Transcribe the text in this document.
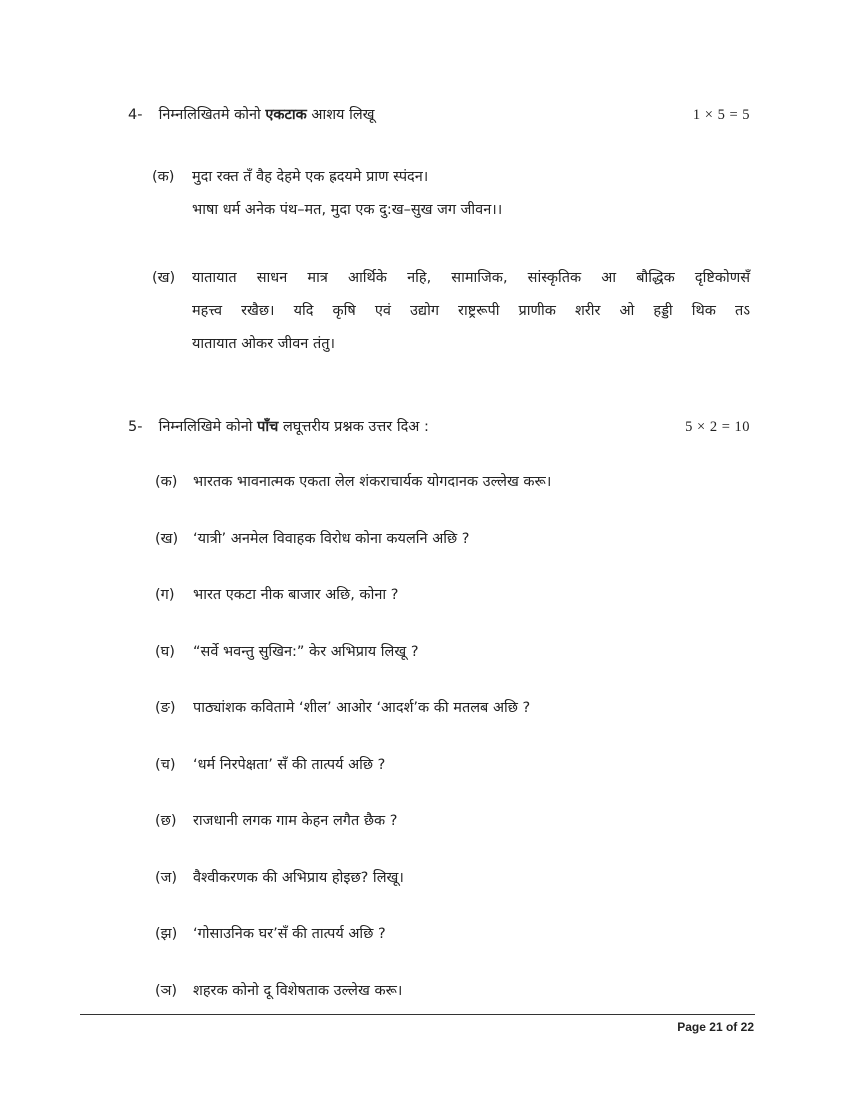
4- निम्नलिखितमे कोनो एकटाक आशय लिखू	1 × 5 = 5
(क) मुदा रक्त तँ वैह देहमे एक ह्रदयमे प्राण स्पंदन।
भाषा धर्म अनेक पंथ–मत, मुदा एक दु:ख–सुख जग जीवन।।
(ख) यातायात साधन मात्र आर्थिके नहि, सामाजिक, सांस्कृतिक आ बौद्धिक दृष्टिकोणसँ
महत्त्व रखैछ। यदि कृषि एवं उद्योग राष्ट्ररूपी प्राणीक शरीर ओ हड्डी थिक तऽ
यातायात ओकर जीवन तंतु।
5- निम्नलिखिमे कोनो पाँच लघूत्तरीय प्रश्नक उत्तर दिअ :	5 × 2 = 10
(क) भारतक भावनात्मक एकता लेल शंकराचार्यक योगदानक उल्लेख करू।
(ख) ‘यात्री’ अनमेल विवाहक विरोध कोना कयलनि अछि ?
(ग) भारत एकटा नीक बाजार अछि, कोना ?
(घ) “सर्वे भवन्तु सुखिन:” केर अभिप्राय लिखू ?
(ङ) पाठ्यांशक कवितामे ‘शील’ आओर ‘आदर्श’क की मतलब अछि ?
(च) ‘धर्म निरपेक्षता’ सँ की तात्पर्य अछि ?
(छ) राजधानी लगक गाम केहन लगैत छैक ?
(ज) वैश्वीकरणक की अभिप्राय होइछ? लिखू।
(झ) ‘गोसाउनिक घर’सँ की तात्पर्य अछि ?
(ञ) शहरक कोनो दू विशेषताक उल्लेख करू।
Page 21 of 22
